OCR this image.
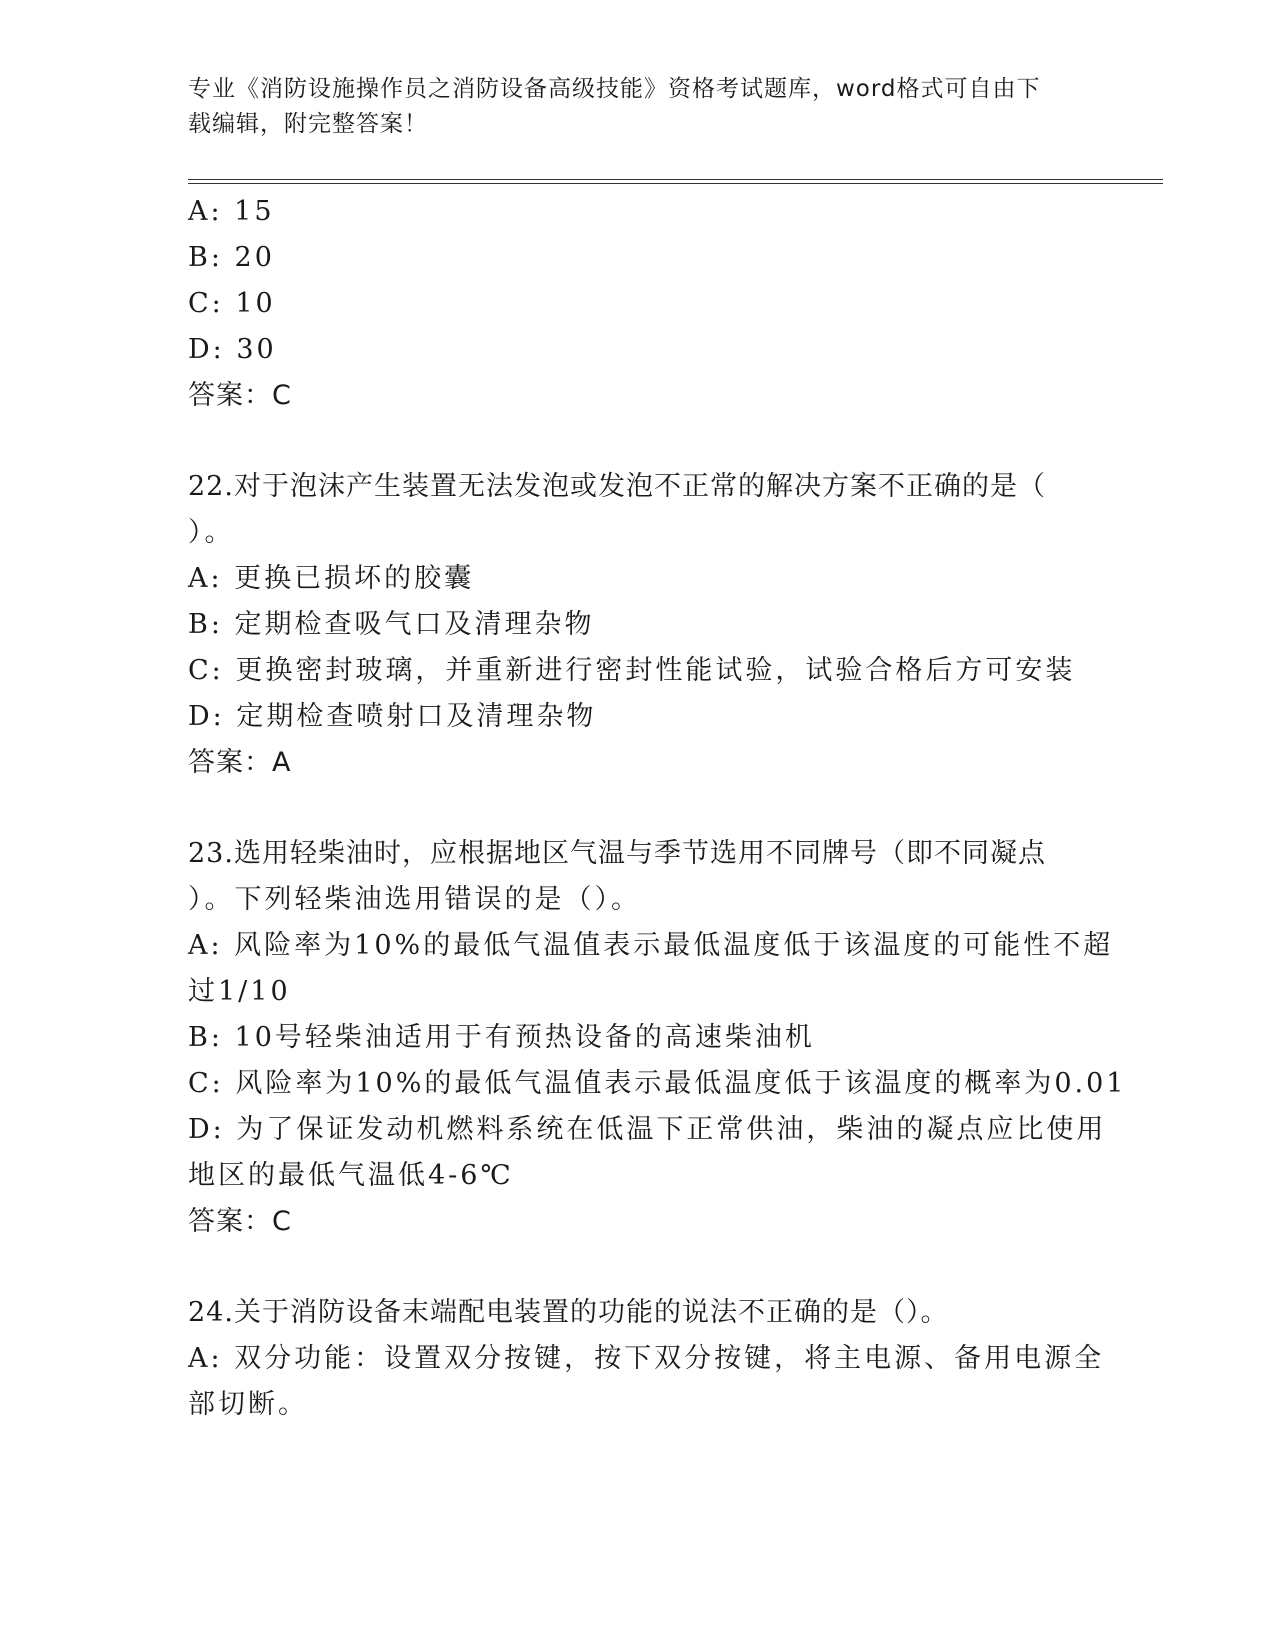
专业《消防设施操作员之消防设备高级技能》资格考试题库，word格式可自由下
载编辑，附完整答案！

A: 15

B: 20

C: 10

D: 30

答案：C

22.对于泡沫产生装置无法发泡或发泡不正常的解决方案不正确的是（

）。

A: 更换已损坏的胶囊

B: 定期检查吸气口及清理杂物

C: 更换密封玻璃，并重新进行密封性能试验，试验合格后方可安装

D: 定期检查喷射口及清理杂物

答案：A

23.选用轻柴油时，应根据地区气温与季节选用不同牌号（即不同凝点

）。下列轻柴油选用错误的是（）。

A: 风险率为10%的最低气温值表示最低温度低于该温度的可能性不超

过1/10

B: 10号轻柴油适用于有预热设备的高速柴油机

C: 风险率为10%的最低气温值表示最低温度低于该温度的概率为0.01

D: 为了保证发动机燃料系统在低温下正常供油，柴油的凝点应比使用

地区的最低气温低4-6℃

答案：C

24.关于消防设备末端配电装置的功能的说法不正确的是（）。

A: 双分功能：设置双分按键，按下双分按键，将主电源、备用电源全

部切断。
